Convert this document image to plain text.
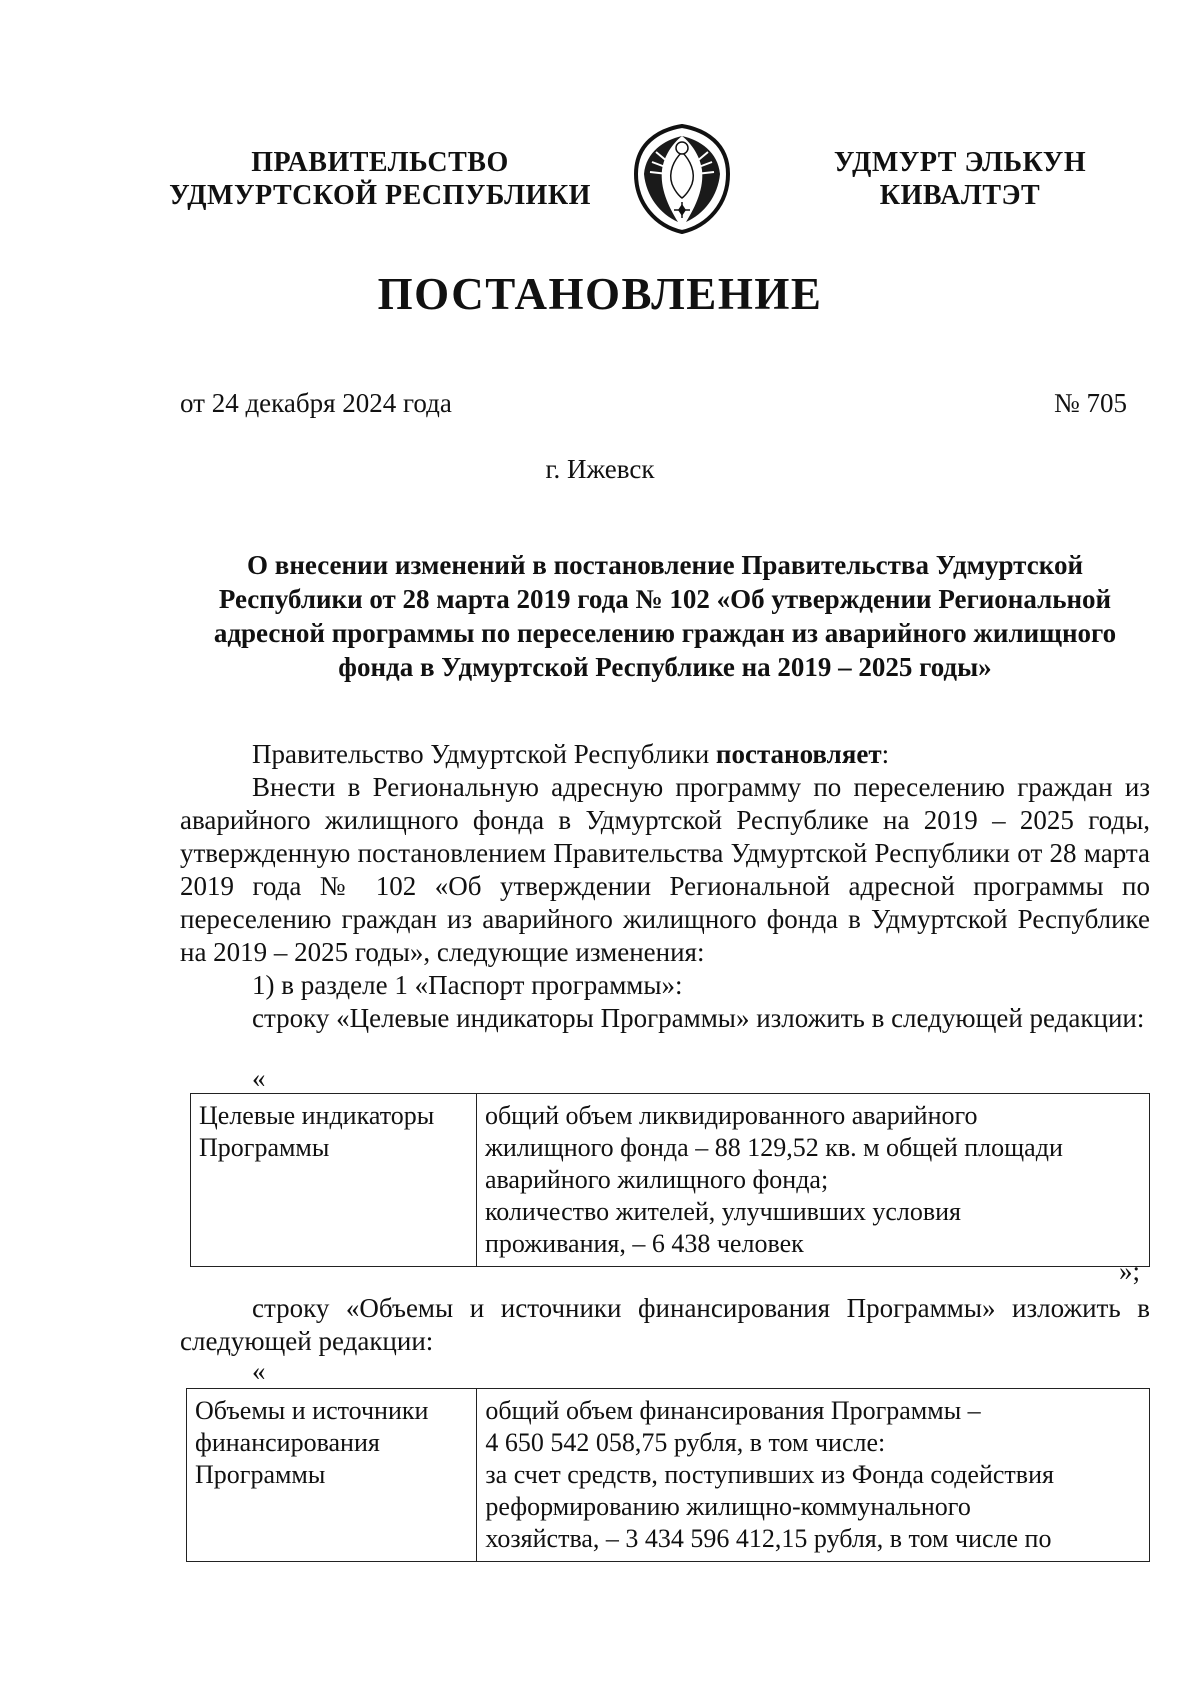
ПРАВИТЕЛЬСТВО
УДМУРТСКОЙ РЕСПУБЛИКИ
УДМУРТ ЭЛЬКУН
КИВАЛТЭТ
ПОСТАНОВЛЕНИЕ
от 24 декабря 2024 года	№ 705
г. Ижевск
О внесении изменений в постановление Правительства Удмуртской
Республики от 28 марта 2019 года № 102 «Об утверждении Региональной
адресной программы по переселению граждан из аварийного жилищного
фонда в Удмуртской Республике на 2019 – 2025 годы»
Правительство Удмуртской Республики постановляет:
Внести в Региональную адресную программу по переселению граждан из аварийного жилищного фонда в Удмуртской Республике на 2019 – 2025 годы, утвержденную постановлением Правительства Удмуртской Республики от 28 марта 2019 года № 102 «Об утверждении Региональной адресной программы по переселению граждан из аварийного жилищного фонда в Удмуртской Республике на 2019 – 2025 годы», следующие изменения:
1) в разделе 1 «Паспорт программы»:
строку «Целевые индикаторы Программы» изложить в следующей редакции:
«
Целевые индикаторы
Программы

общий объем ликвидированного аварийного
жилищного фонда – 88 129,52 кв. м общей площади
аварийного жилищного фонда;
количество жителей, улучшивших условия
проживания, – 6 438 человек
»;
строку «Объемы и источники финансирования Программы» изложить в следующей редакции:
«
Объемы и источники
финансирования
Программы

общий объем финансирования Программы –
4 650 542 058,75 рубля, в том числе:
за счет средств, поступивших из Фонда содействия
реформированию жилищно-коммунального
хозяйства, – 3 434 596 412,15 рубля, в том числе по
